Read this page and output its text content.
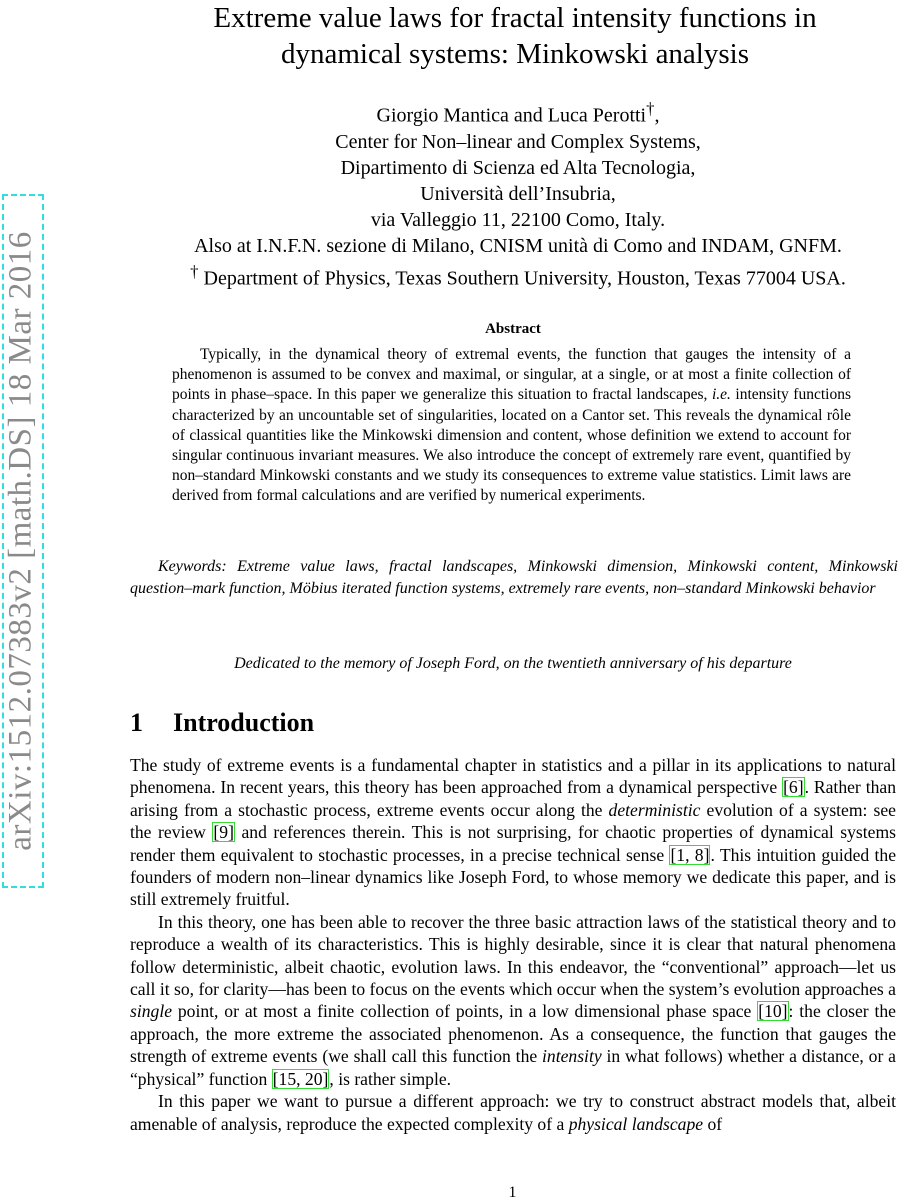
arXiv:1512.07383v2 [math.DS] 18 Mar 2016
Extreme value laws for fractal intensity functions in
dynamical systems: Minkowski analysis
Giorgio Mantica and Luca Perotti†,
Center for Non–linear and Complex Systems,
Dipartimento di Scienza ed Alta Tecnologia,
Università dell’Insubria,
via Valleggio 11, 22100 Como, Italy.
Also at I.N.F.N. sezione di Milano, CNISM unità di Como and INDAM, GNFM.
† Department of Physics, Texas Southern University, Houston, Texas 77004 USA.
Abstract

Typically, in the dynamical theory of extremal events, the function that gauges the intensity of a phenomenon is assumed to be convex and maximal, or singular, at a single, or at most a finite collection of points in phase–space. In this paper we generalize this situation to fractal landscapes, i.e. intensity functions characterized by an uncountable set of singularities, located on a Cantor set. This reveals the dynamical rôle of classical quantities like the Minkowski dimension and content, whose definition we extend to account for singular continuous invariant measures. We also introduce the concept of extremely rare event, quantified by non–standard Minkowski constants and we study its consequences to extreme value statistics. Limit laws are derived from formal calculations and are verified by numerical experiments.

Keywords: Extreme value laws, fractal landscapes, Minkowski dimension, Minkowski content, Minkowski question–mark function, Möbius iterated function systems, extremely rare events, non–standard Minkowski behavior

Dedicated to the memory of Joseph Ford, on the twentieth anniversary of his departure
1 Introduction

The study of extreme events is a fundamental chapter in statistics and a pillar in its applications to natural phenomena. In recent years, this theory has been approached from a dynamical perspective [6]. Rather than arising from a stochastic process, extreme events occur along the deterministic evolution of a system: see the review [9] and references therein. This is not surprising, for chaotic properties of dynamical systems render them equivalent to stochastic processes, in a precise technical sense [1, 8]. This intuition guided the founders of modern non–linear dynamics like Joseph Ford, to whose memory we dedicate this paper, and is still extremely fruitful.

In this theory, one has been able to recover the three basic attraction laws of the statistical theory and to reproduce a wealth of its characteristics. This is highly desirable, since it is clear that natural phenomena follow deterministic, albeit chaotic, evolution laws. In this endeavor, the “conventional” approach—let us call it so, for clarity—has been to focus on the events which occur when the system’s evolution approaches a single point, or at most a finite collection of points, in a low dimensional phase space [10]: the closer the approach, the more extreme the associated phenomenon. As a consequence, the function that gauges the strength of extreme events (we shall call this function the intensity in what follows) whether a distance, or a “physical” function [15, 20], is rather simple.

In this paper we want to pursue a different approach: we try to construct abstract models that, albeit amenable of analysis, reproduce the expected complexity of a physical landscape of

1
